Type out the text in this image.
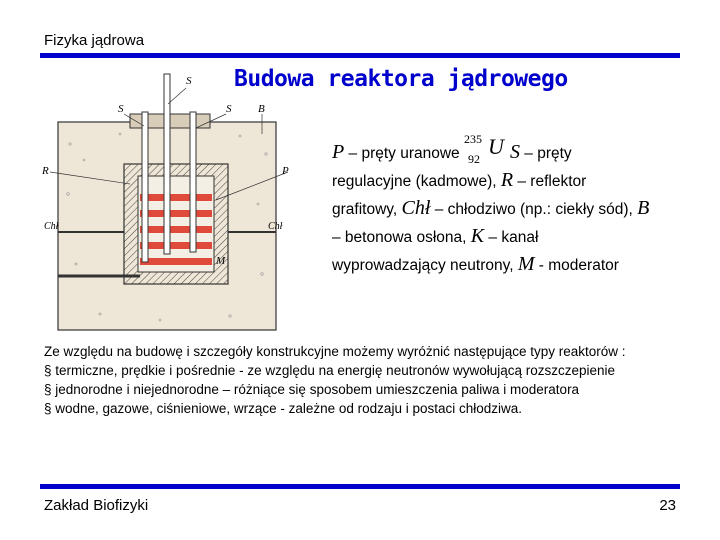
Fizyka jądrowa
Budowa reaktora jądrowego
S
S
S B
R	P
Chł	Chł
M
P – pręty uranowe
235
92 U S – pręty regulacyjne (kadmowe), R – reflektor grafitowy, Chł – chłodziwo (np.: ciekły sód), B – betonowa osłona, K – kanał wyprowadzający neutrony, M - moderator

Ze względu na budowę i szczegóły konstrukcyjne możemy wyróżnić następujące typy reaktorów :

§ termiczne, prędkie i pośrednie - ze względu na energię neutronów wywołującą rozszczepienie

§ jednorodne i niejednorodne – różniące się sposobem umieszczenia paliwa i moderatora

§ wodne, gazowe, ciśnieniowe, wrzące - zależne od rodzaju i postaci chłodziwa.

Zakład Biofizyki	23
